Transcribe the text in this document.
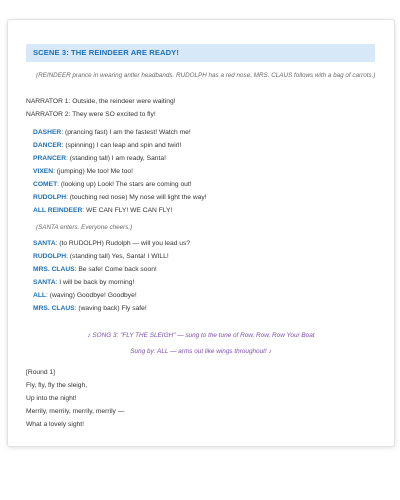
SCENE 3: THE REINDEER ARE READY!
(REINDEER prance in wearing antler headbands. RUDOLPH has a red nose. MRS. CLAUS follows with a bag of carrots.)
NARRATOR 1: Outside, the reindeer were waiting!
NARRATOR 2: They were SO excited to fly!
DASHER: (prancing fast) I am the fastest! Watch me!
DANCER: (spinning) I can leap and spin and twirl!
PRANCER: (standing tall) I am ready, Santa!
VIXEN: (jumping) Me too! Me too!
COMET: (looking up) Look! The stars are coming out!
RUDOLPH: (touching red nose) My nose will light the way!
ALL REINDEER: WE CAN FLY! WE CAN FLY!
(SANTA enters. Everyone cheers.)
SANTA: (to RUDOLPH) Rudolph — will you lead us?
RUDOLPH: (standing tall) Yes, Santa! I WILL!
MRS. CLAUS: Be safe! Come back soon!
SANTA: I will be back by morning!
ALL: (waving) Goodbye! Goodbye!
MRS. CLAUS: (waving back) Fly safe!
♪ SONG 3: "FLY THE SLEIGH" — sung to the tune of Row, Row, Row Your Boat
Sung by: ALL — arms out like wings throughout! ♪
[Round 1]
Fly, fly, fly the sleigh,
Up into the night!
Merrily, merrily, merrily, merrily —
What a lovely sight!
